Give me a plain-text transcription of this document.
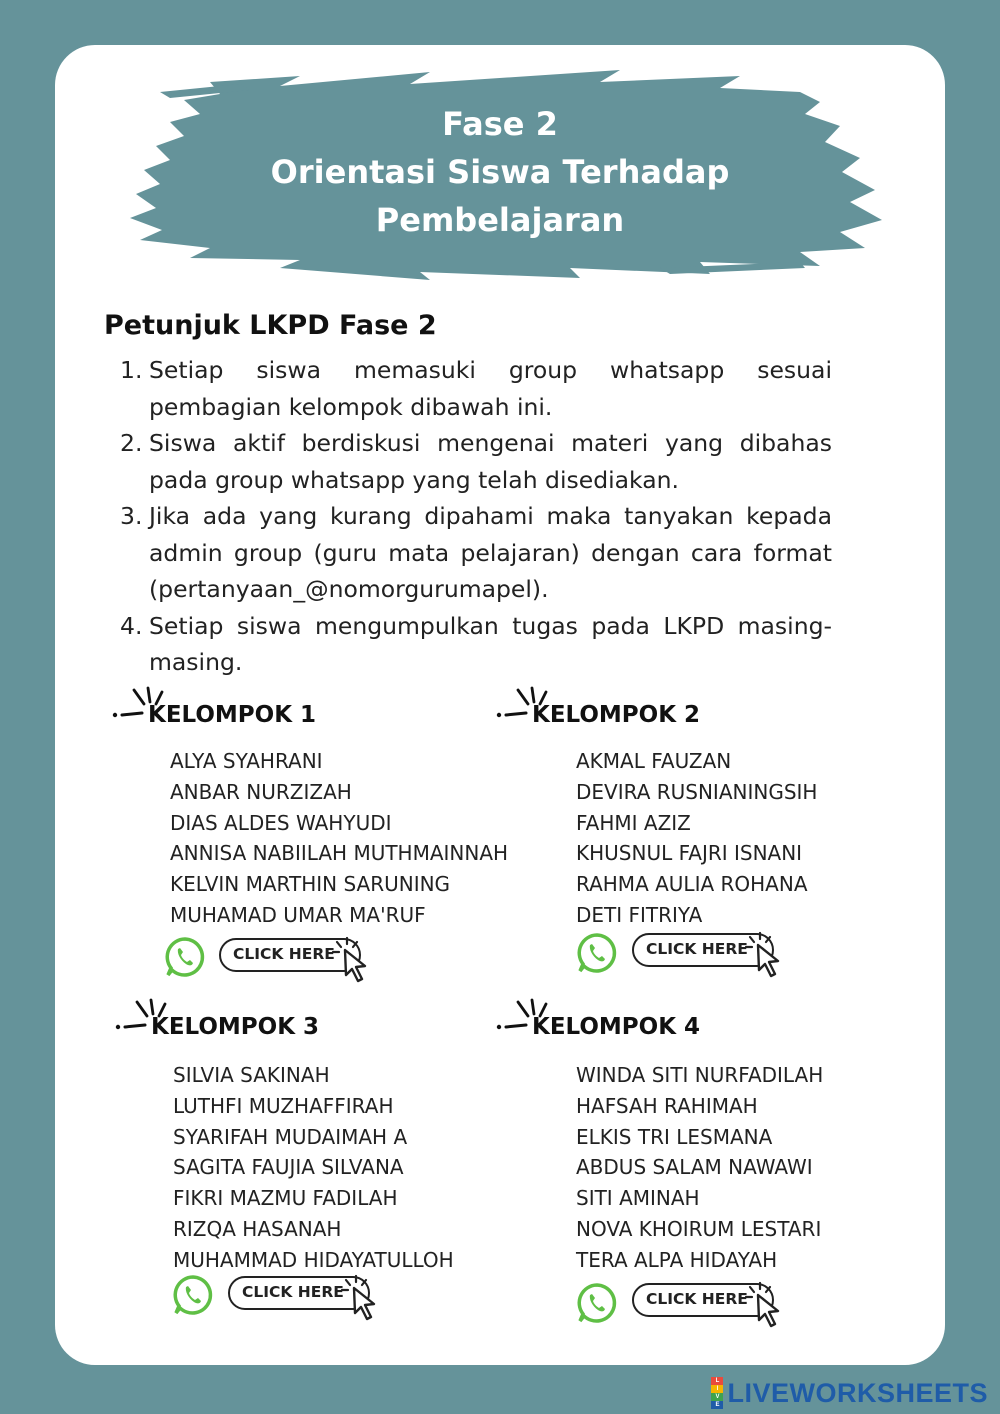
Fase 2
Orientasi Siswa Terhadap
Pembelajaran
Petunjuk LKPD Fase 2
1. Setiap siswa memasuki group whatsapp sesuai pembagian kelompok dibawah ini.
2. Siswa aktif berdiskusi mengenai materi yang dibahas pada group whatsapp yang telah disediakan.
3. Jika ada yang kurang dipahami maka tanyakan kepada admin group (guru mata pelajaran) dengan cara format (pertanyaan_@nomorgurumapel).
4. Setiap siswa mengumpulkan tugas pada LKPD masing-masing.
KELOMPOK 1
ALYA SYAHRANI
ANBAR NURZIZAH
DIAS ALDES WAHYUDI
ANNISA NABIILAH MUTHMAINNAH
KELVIN MARTHIN SARUNING
MUHAMAD UMAR MA'RUF
CLICK HERE
KELOMPOK 2
AKMAL FAUZAN
DEVIRA RUSNIANINGSIH
FAHMI AZIZ
KHUSNUL FAJRI ISNANI
RAHMA AULIA ROHANA
DETI FITRIYA
CLICK HERE
KELOMPOK 3
SILVIA SAKINAH
LUTHFI MUZHAFFIRAH
SYARIFAH MUDAIMAH A
SAGITA FAUJIA SILVANA
FIKRI MAZMU FADILAH
RIZQA HASANAH
MUHAMMAD HIDAYATULLOH
CLICK HERE
KELOMPOK 4
WINDA SITI NURFADILAH
HAFSAH RAHIMAH
ELKIS TRI LESMANA
ABDUS SALAM NAWAWI
SITI AMINAH
NOVA KHOIRUM LESTARI
TERA ALPA HIDAYAH
CLICK HERE
L
I
V
E LIVEWORKSHEETS
